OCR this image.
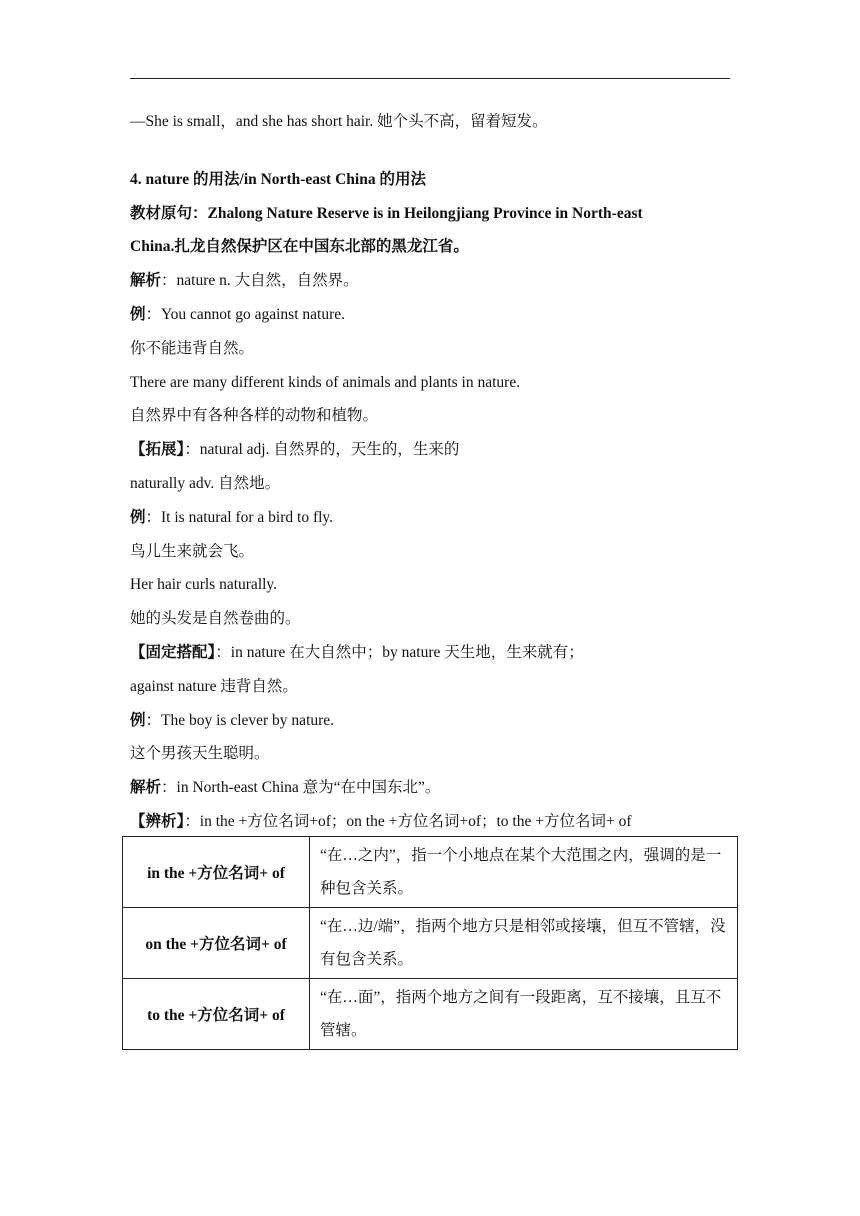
—She is small，and she has short hair. 她个头不高，留着短发。
4. nature 的用法/in North-east China 的用法
教材原句：Zhalong Nature Reserve is in Heilongjiang Province in North-east
China.扎龙自然保护区在中国东北部的黑龙江省。
解析：nature n. 大自然，自然界。
例：You cannot go against nature.
你不能违背自然。
There are many different kinds of animals and plants in nature.
自然界中有各种各样的动物和植物。
【拓展】：natural adj. 自然界的，天生的，生来的
naturally adv. 自然地。
例：It is natural for a bird to fly.
鸟儿生来就会飞。
Her hair curls naturally.
她的头发是自然卷曲的。
【固定搭配】：in nature 在大自然中；by nature 天生地，生来就有；
against nature 违背自然。
例：The boy is clever by nature.
这个男孩天生聪明。
解析：in North-east China 意为“在中国东北”。
【辨析】：in the +方位名词+of；on the +方位名词+of；to the +方位名词+ of
in the +方位名词+ of	“在…之内”，指一个小地点在某个大范围之内，强调的是一种包含关系。
on the +方位名词+ of	“在…边/端”，指两个地方只是相邻或接壤，但互不管辖，没有包含关系。
to the +方位名词+ of	“在…面”，指两个地方之间有一段距离，互不接壤，且互不管辖。
